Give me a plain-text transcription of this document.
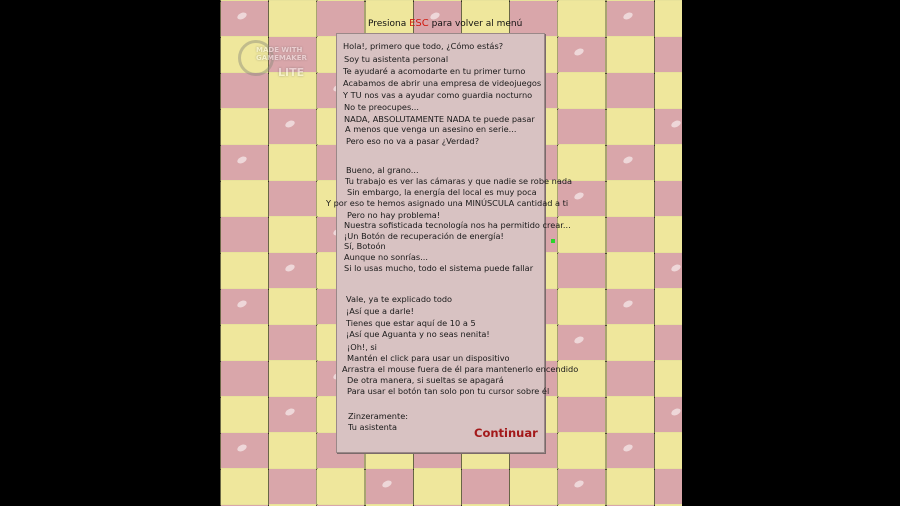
MADE WITH
GAMEMAKER
LITE
Presiona ESC para volver al menú
Hola!, primero que todo, ¿Cómo estás?
Soy tu asistenta personal
Te ayudaré a acomodarte en tu primer turno
Acabamos de abrir una empresa de videojuegos
Y TU nos vas a ayudar como guardia nocturno
No te preocupes...
NADA, ABSOLUTAMENTE NADA te puede pasar
A menos que venga un asesino en serie...
Pero eso no va a pasar ¿Verdad?
Bueno, al grano...
Tu trabajo es ver las cámaras y que nadie se robe nada
Sin embargo, la energía del local es muy poca
Y por eso te hemos asignado una MINÚSCULA cantidad a ti
Pero no hay problema!
Nuestra sofisticada tecnología nos ha permitido crear...
¡Un Botón de recuperación de energía!
Sí, Botoón
Aunque no sonrías...
Si lo usas mucho, todo el sistema puede fallar
Vale, ya te explicado todo
¡Así que a darle!
Tienes que estar aquí de 10 a 5
¡Así que Aguanta y no seas nenita!
¡Oh!, si
Mantén el click para usar un dispositivo
Arrastra el mouse fuera de él para mantenerlo encendido
De otra manera, si sueltas se apagará
Para usar el botón tan solo pon tu cursor sobre él
Zinzeramente:
Tu asistenta	Continuar
